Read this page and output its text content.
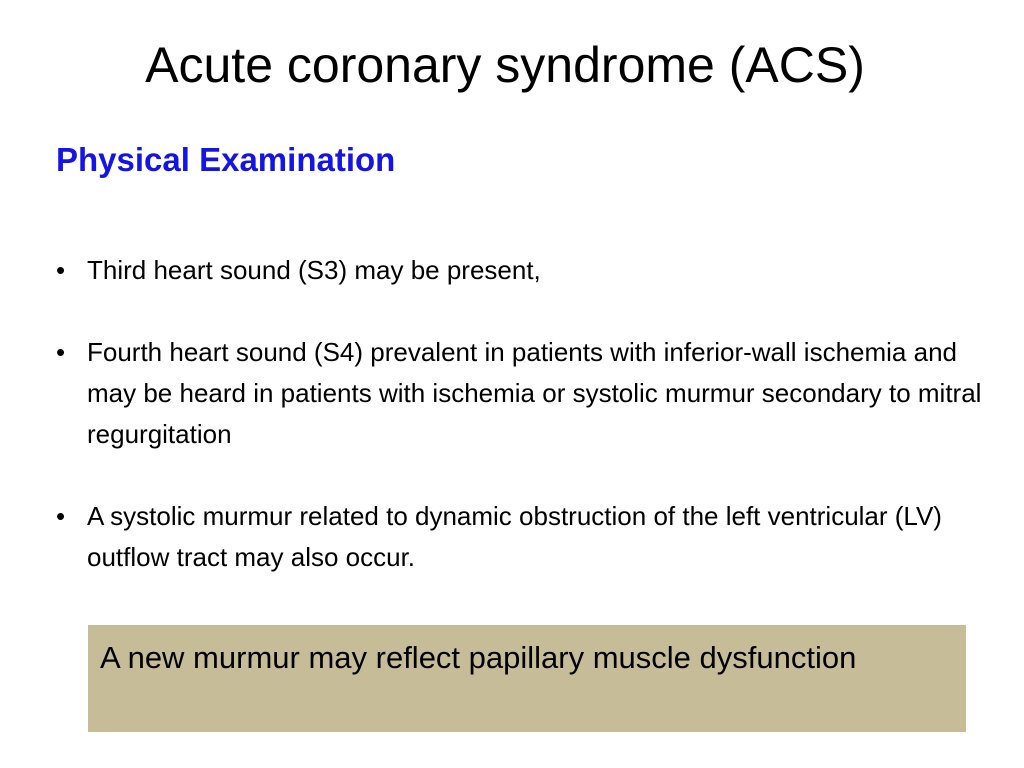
Acute coronary syndrome (ACS)
Physical Examination
• Third heart sound (S3) may be present,
• Fourth heart sound (S4) prevalent in patients with inferior-wall ischemia and may be heard in patients with ischemia or systolic murmur secondary to mitral regurgitation
• A systolic murmur related to dynamic obstruction of the left ventricular (LV) outflow tract may also occur.
A new murmur may reflect papillary muscle dysfunction
